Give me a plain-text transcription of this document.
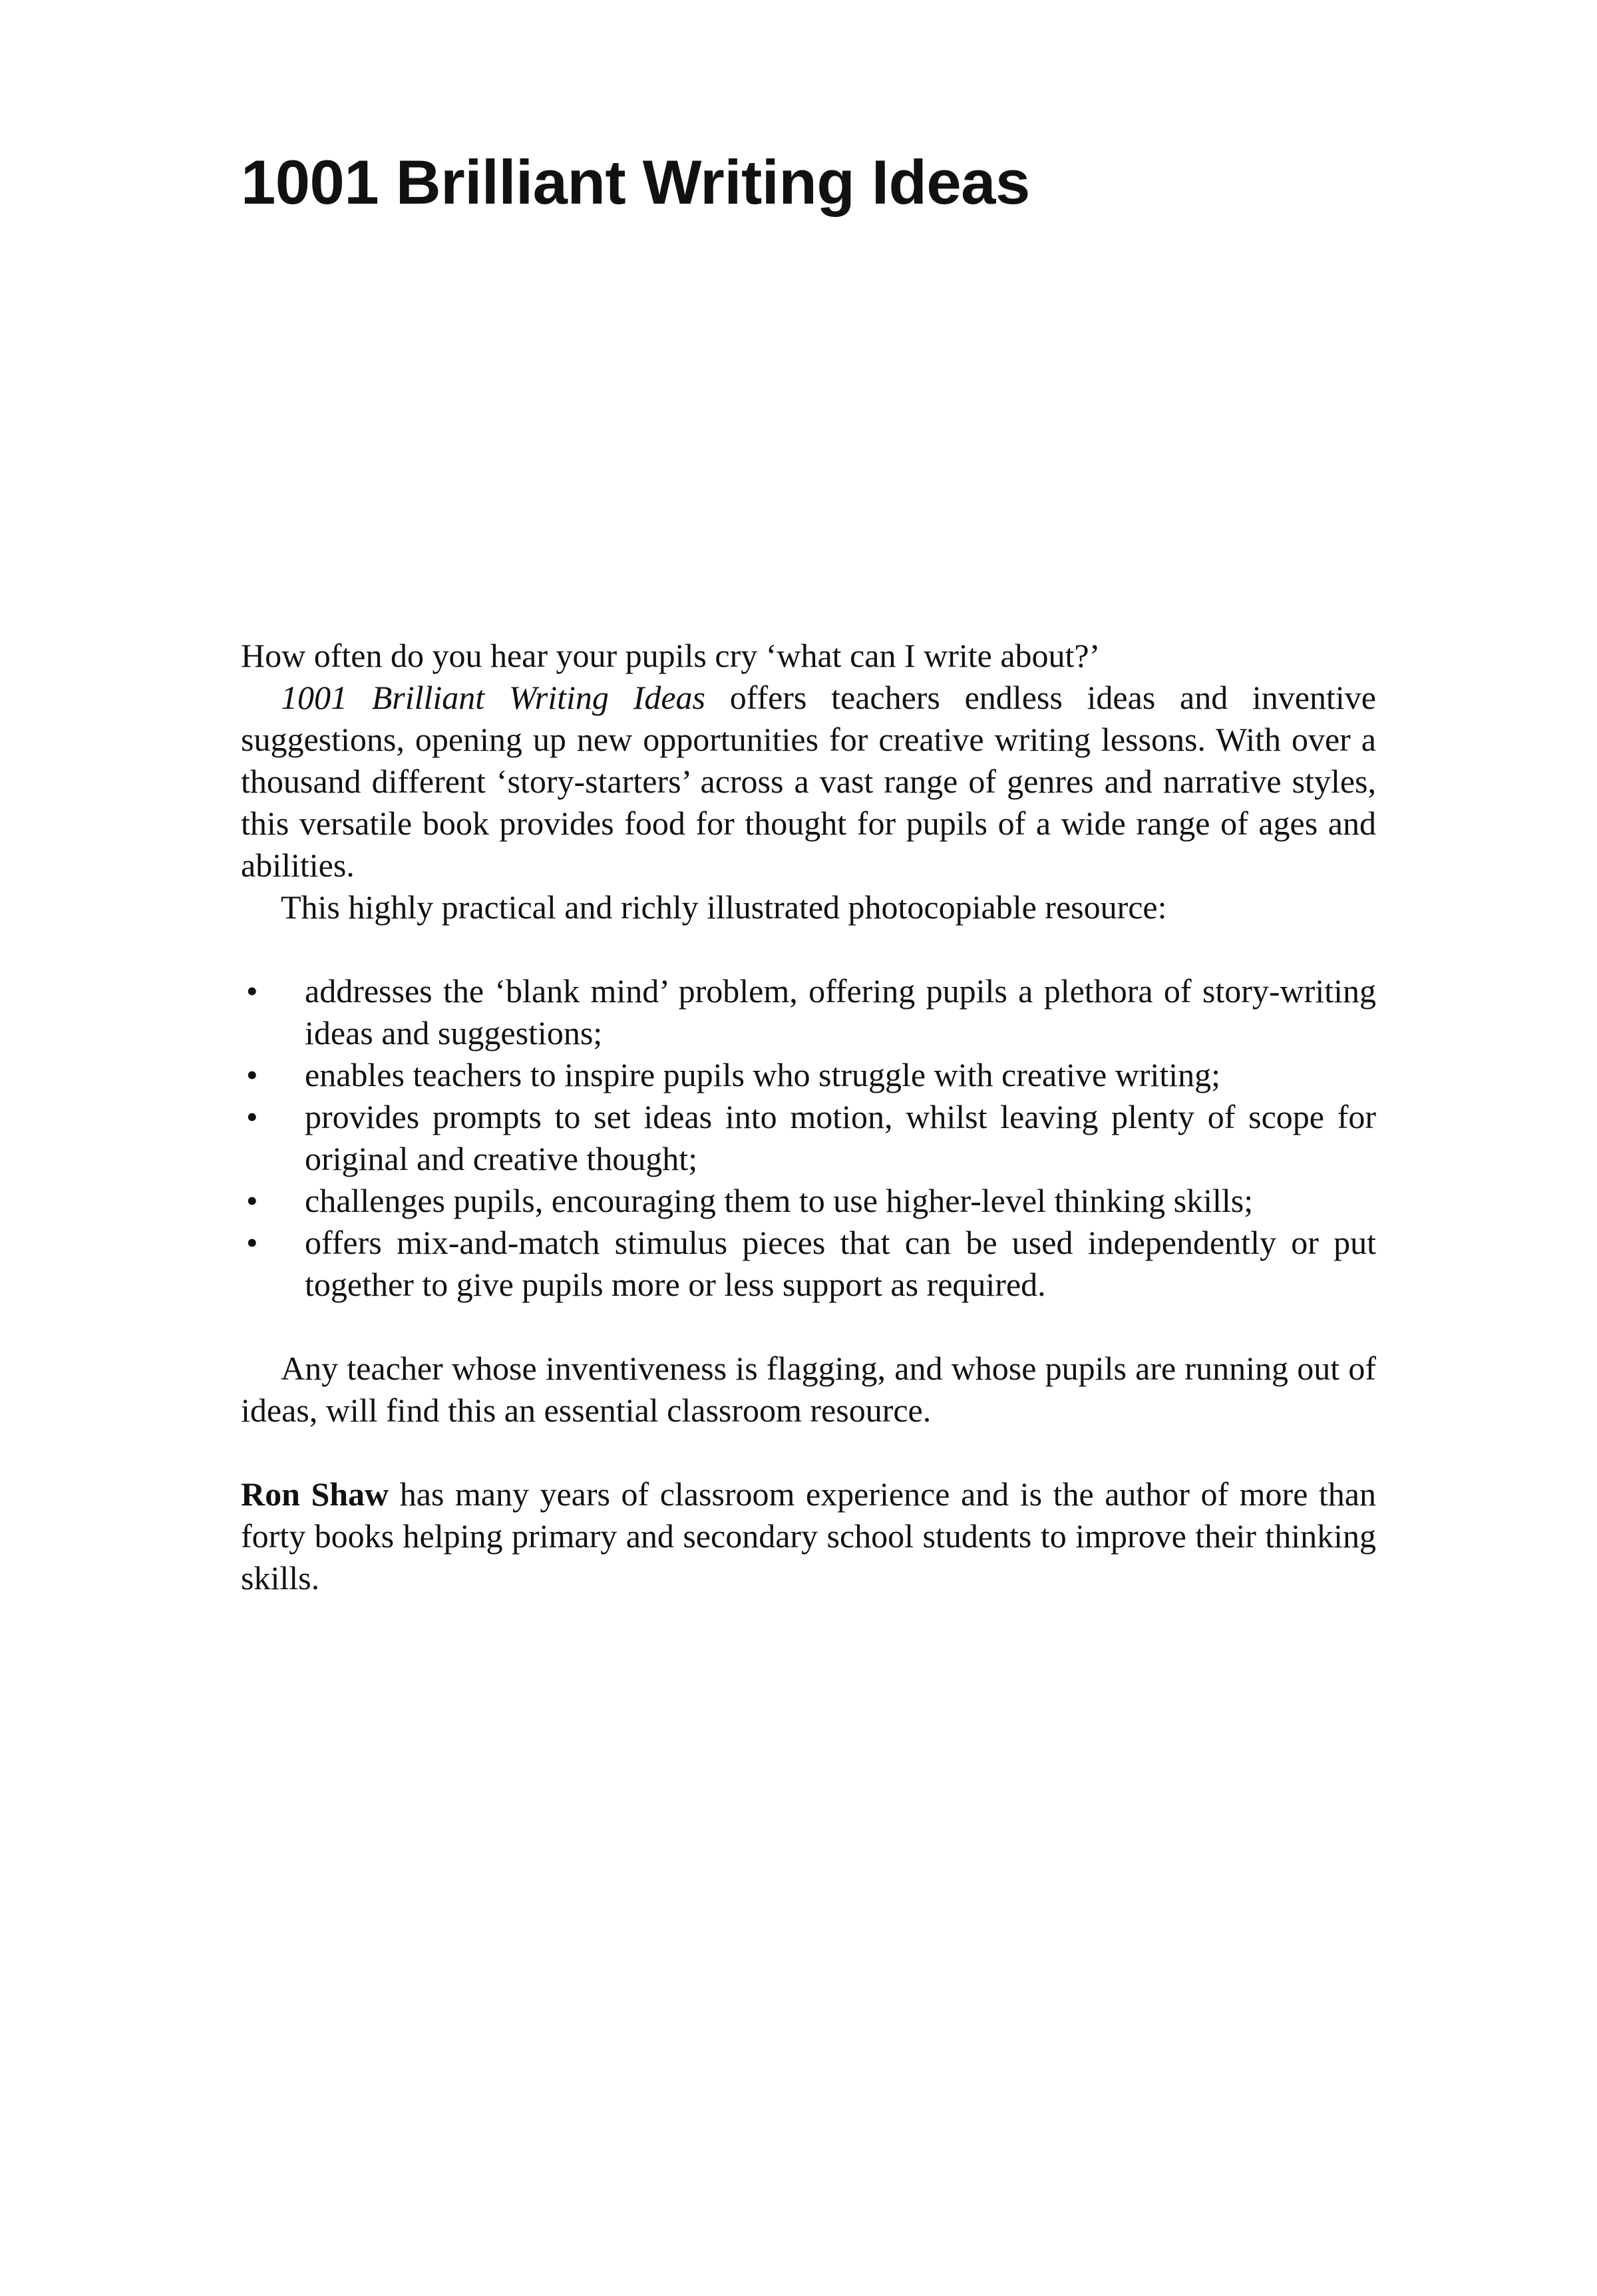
1001 Brilliant Writing Ideas

How often do you hear your pupils cry ‘what can I write about?’

1001 Brilliant Writing Ideas offers teachers endless ideas and inventive suggestions, opening up new opportunities for creative writing lessons. With over a thousand different ‘story-starters’ across a vast range of genres and narrative styles, this versatile book provides food for thought for pupils of a wide range of ages and abilities.

This highly practical and richly illustrated photocopiable resource:

• addresses the ‘blank mind’ problem, offering pupils a plethora of story-writing ideas and suggestions;
• enables teachers to inspire pupils who struggle with creative writing;
• provides prompts to set ideas into motion, whilst leaving plenty of scope for original and creative thought;
• challenges pupils, encouraging them to use higher-level thinking skills;
• offers mix-and-match stimulus pieces that can be used independently or put together to give pupils more or less support as required.

Any teacher whose inventiveness is flagging, and whose pupils are running out of ideas, will find this an essential classroom resource.

Ron Shaw has many years of classroom experience and is the author of more than forty books helping primary and secondary school students to improve their thinking skills.
